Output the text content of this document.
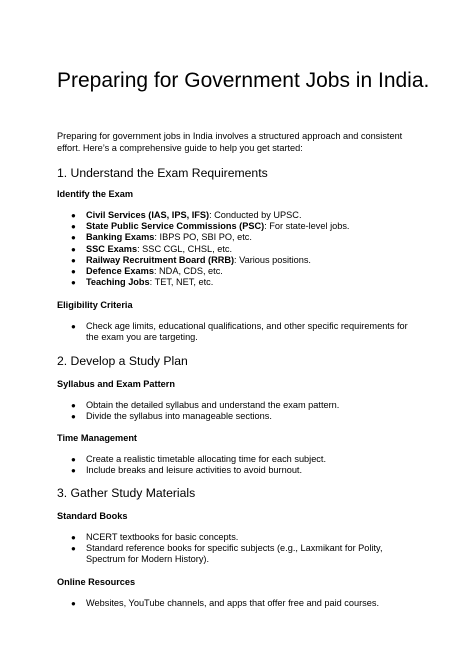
Preparing for Government Jobs in India.

Preparing for government jobs in India involves a structured approach and consistent effort. Here’s a comprehensive guide to help you get started:

1. Understand the Exam Requirements
Identify the Exam
● Civil Services (IAS, IPS, IFS): Conducted by UPSC.
● State Public Service Commissions (PSC): For state-level jobs.
● Banking Exams: IBPS PO, SBI PO, etc.
● SSC Exams: SSC CGL, CHSL, etc.
● Railway Recruitment Board (RRB): Various positions.
● Defence Exams: NDA, CDS, etc.
● Teaching Jobs: TET, NET, etc.
Eligibility Criteria
● Check age limits, educational qualifications, and other specific requirements for the exam you are targeting.
2. Develop a Study Plan
Syllabus and Exam Pattern
● Obtain the detailed syllabus and understand the exam pattern.
● Divide the syllabus into manageable sections.
Time Management
● Create a realistic timetable allocating time for each subject.
● Include breaks and leisure activities to avoid burnout.
3. Gather Study Materials
Standard Books
● NCERT textbooks for basic concepts.
● Standard reference books for specific subjects (e.g., Laxmikant for Polity, Spectrum for Modern History).
Online Resources
● Websites, YouTube channels, and apps that offer free and paid courses.
